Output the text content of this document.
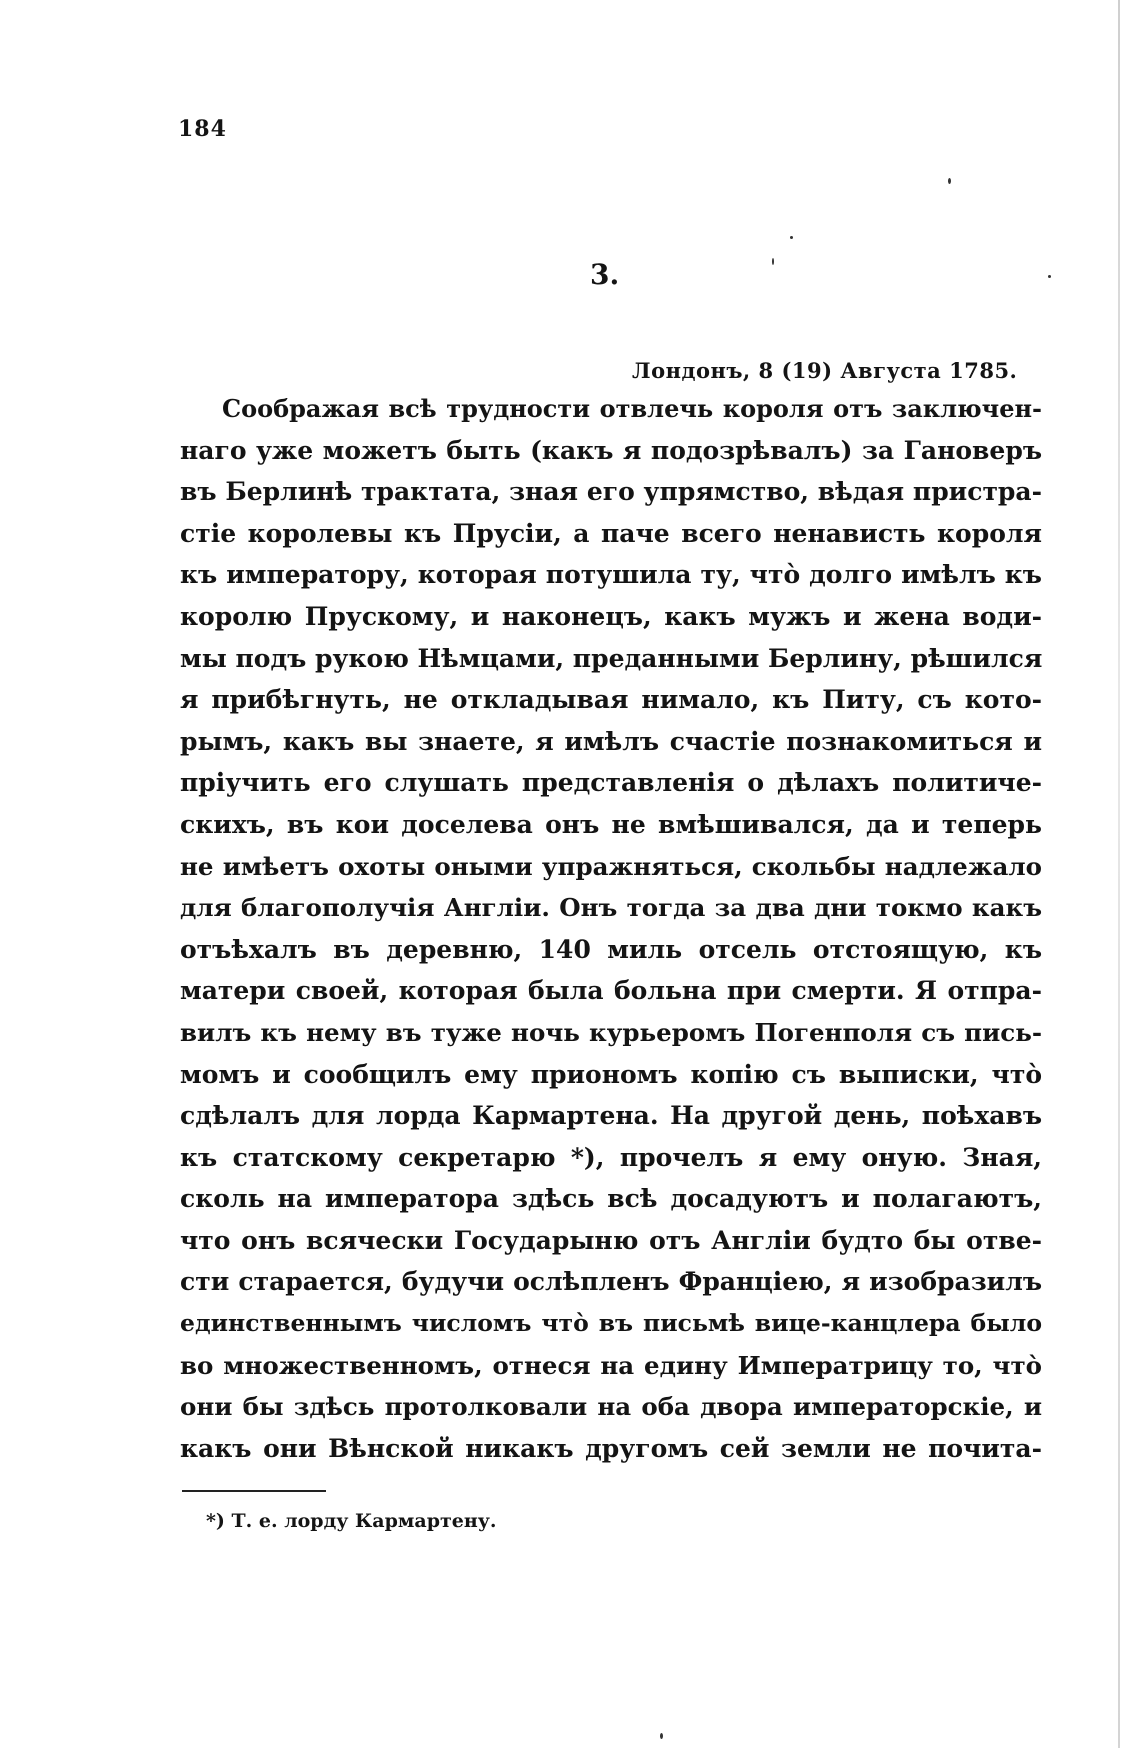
184
3.
Лондонъ, 8 (19) Августа 1785.
Соображая всѣ трудности отвлечь короля отъ заключен-
наго уже можетъ быть (какъ я подозрѣвалъ) за Гановеръ
въ Берлинѣ трактата, зная его упрямство, вѣдая пристра-
стіе королевы къ Прусіи, а паче всего ненависть короля
къ императору, которая потушила ту, что̀ долго имѣлъ къ
королю Прускому, и наконецъ, какъ мужъ и жена води-
мы подъ рукою Нѣмцами, преданными Берлину, рѣшился
я прибѣгнуть, не откладывая нимало, къ Питу, съ кото-
рымъ, какъ вы знаете, я имѣлъ счастіе познакомиться и
пріучить его слушать представленія о дѣлахъ политиче-
скихъ, въ кои доселева онъ не вмѣшивался, да и теперь
не имѣетъ охоты оными упражняться, скольбы надлежало
для благополучія Англіи. Онъ тогда за два дни токмо какъ
отъѣхалъ въ деревню, 140 миль отсель отстоящую, къ
матери своей, которая была больна при смерти. Я отпра-
вилъ къ нему въ туже ночь курьеромъ Погенполя съ пись-
момъ и сообщилъ ему приономъ копію съ выписки, что̀
сдѣлалъ для лорда Кармартена. На другой день, поѣхавъ
къ статскому секретарю *), прочелъ я ему оную. Зная,
сколь на императора здѣсь всѣ досадуютъ и полагаютъ,
что онъ всячески Государыню отъ Англіи будто бы отве-
сти старается, будучи ослѣпленъ Франціею, я изобразилъ
единственнымъ числомъ что̀ въ письмѣ вице-канцлера было
во множественномъ, отнеся на едину Императрицу то, что̀
они бы здѣсь протолковали на оба двора императорскіе, и
какъ они Вѣнской никакъ другомъ сей земли не почита-
*) Т. е. лорду Кармартену.
